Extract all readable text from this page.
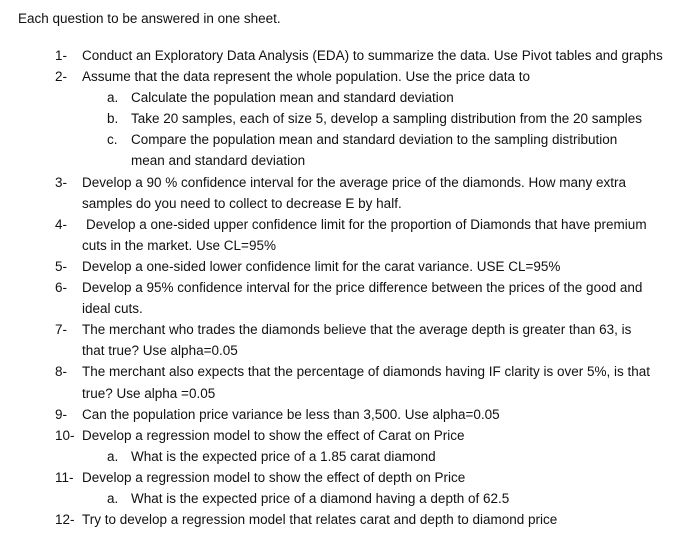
Each question to be answered in one sheet.
1- Conduct an Exploratory Data Analysis (EDA) to summarize the data. Use Pivot tables and graphs
2- Assume that the data represent the whole population. Use the price data to
a. Calculate the population mean and standard deviation
b. Take 20 samples, each of size 5, develop a sampling distribution from the 20 samples
c. Compare the population mean and standard deviation to the sampling distribution
mean and standard deviation
3- Develop a 90 % confidence interval for the average price of the diamonds. How many extra
samples do you need to collect to decrease E by half.
4- Develop a one-sided upper confidence limit for the proportion of Diamonds that have premium
cuts in the market. Use CL=95%
5- Develop a one-sided lower confidence limit for the carat variance. USE CL=95%
6- Develop a 95% confidence interval for the price difference between the prices of the good and
ideal cuts.
7- The merchant who trades the diamonds believe that the average depth is greater than 63, is
that true? Use alpha=0.05
8- The merchant also expects that the percentage of diamonds having IF clarity is over 5%, is that
true? Use alpha =0.05
9- Can the population price variance be less than 3,500. Use alpha=0.05
10- Develop a regression model to show the effect of Carat on Price
a. What is the expected price of a 1.85 carat diamond
11- Develop a regression model to show the effect of depth on Price
a. What is the expected price of a diamond having a depth of 62.5
12- Try to develop a regression model that relates carat and depth to diamond price
